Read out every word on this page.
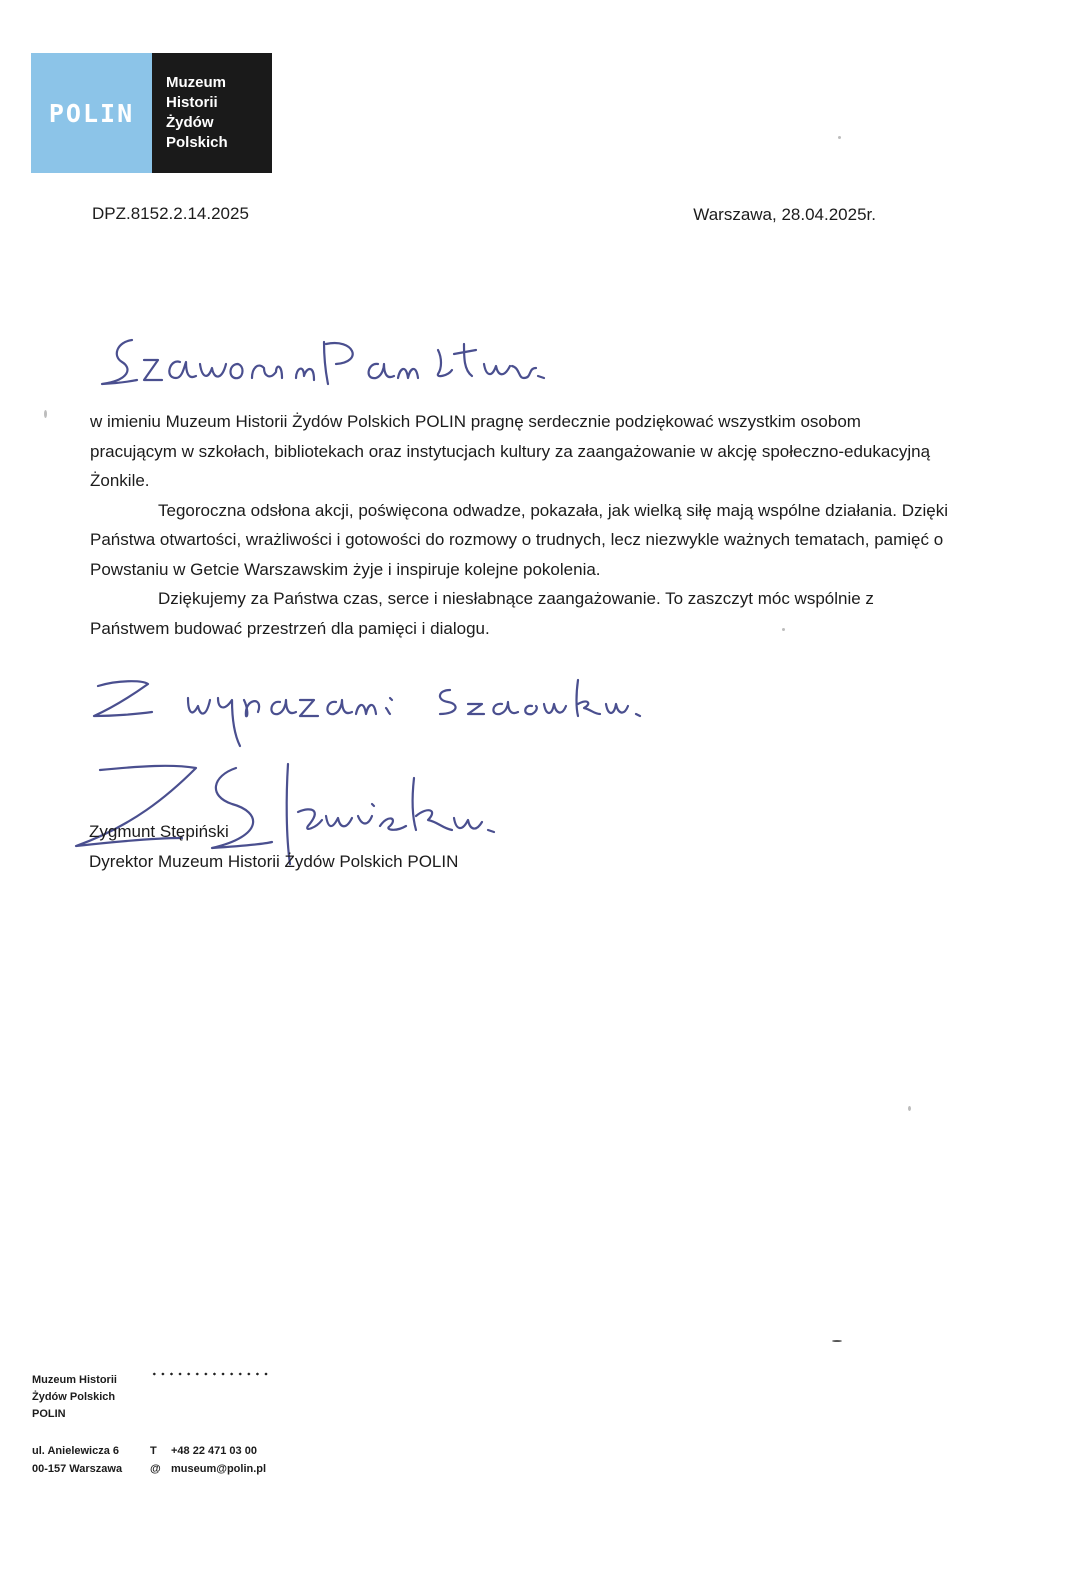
POLIN
Muzeum
Historii
Żydów
Polskich
DPZ.8152.2.14.2025	Warszawa, 28.04.2025r.

w imieniu Muzeum Historii Żydów Polskich POLIN pragnę serdecznie podziękować wszystkim osobom pracującym w szkołach, bibliotekach oraz instytucjach kultury za zaangażowanie w akcję społeczno-edukacyjną Żonkile.

Tegoroczna odsłona akcji, poświęcona odwadze, pokazała, jak wielką siłę mają wspólne działania. Dzięki Państwa otwartości, wrażliwości i gotowości do rozmowy o trudnych, lecz niezwykle ważnych tematach, pamięć o Powstaniu w Getcie Warszawskim żyje i inspiruje kolejne pokolenia.

Dziękujemy za Państwa czas, serce i niesłabnące zaangażowanie. To zaszczyt móc wspólnie z Państwem budować przestrzeń dla pamięci i dialogu.

Zygmunt Stępiński
Dyrektor Muzeum Historii Żydów Polskich POLIN
Muzeum Historii
Żydów Polskich
POLIN
ul. Anielewicza 6
00-157 Warszawa
T +48 22 471 03 00
@ museum@polin.pl
